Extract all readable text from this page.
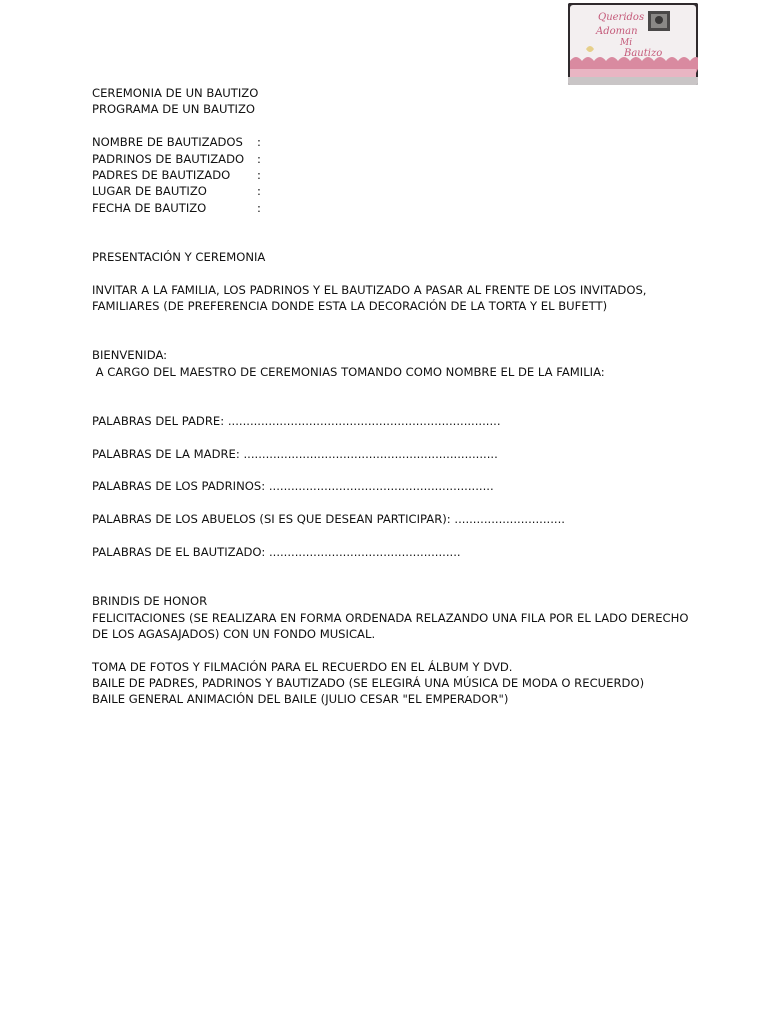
Queridos
Adoman
Mi
Bautizo
CEREMONIA DE UN BAUTIZO
PROGRAMA DE UN BAUTIZO
NOMBRE DE BAUTIZADOS	:
PADRINOS DE BAUTIZADO	:
PADRES DE BAUTIZADO	:
LUGAR DE BAUTIZO	:
FECHA DE BAUTIZO	:
PRESENTACIÓN Y CEREMONIA
INVITAR A LA FAMILIA, LOS PADRINOS Y EL BAUTIZADO A PASAR AL FRENTE DE LOS INVITADOS,
FAMILIARES (DE PREFERENCIA DONDE ESTA LA DECORACIÓN DE LA TORTA Y EL BUFETT)
BIENVENIDA:
A CARGO DEL MAESTRO DE CEREMONIAS TOMANDO COMO NOMBRE EL DE LA FAMILIA:
PALABRAS DEL PADRE: ..........................................................................
PALABRAS DE LA MADRE: .....................................................................
PALABRAS DE LOS PADRINOS: .............................................................
PALABRAS DE LOS ABUELOS (SI ES QUE DESEAN PARTICIPAR): ..............................
PALABRAS DE EL BAUTIZADO: ....................................................
BRINDIS DE HONOR
FELICITACIONES (SE REALIZARA EN FORMA ORDENADA RELAZANDO UNA FILA POR EL LADO DERECHO
DE LOS AGASAJADOS) CON UN FONDO MUSICAL.
TOMA DE FOTOS Y FILMACIÓN PARA EL RECUERDO EN EL ÁLBUM Y DVD.
BAILE DE PADRES, PADRINOS Y BAUTIZADO (SE ELEGIRÁ UNA MÚSICA DE MODA O RECUERDO)
BAILE GENERAL ANIMACIÓN DEL BAILE (JULIO CESAR "EL EMPERADOR")
